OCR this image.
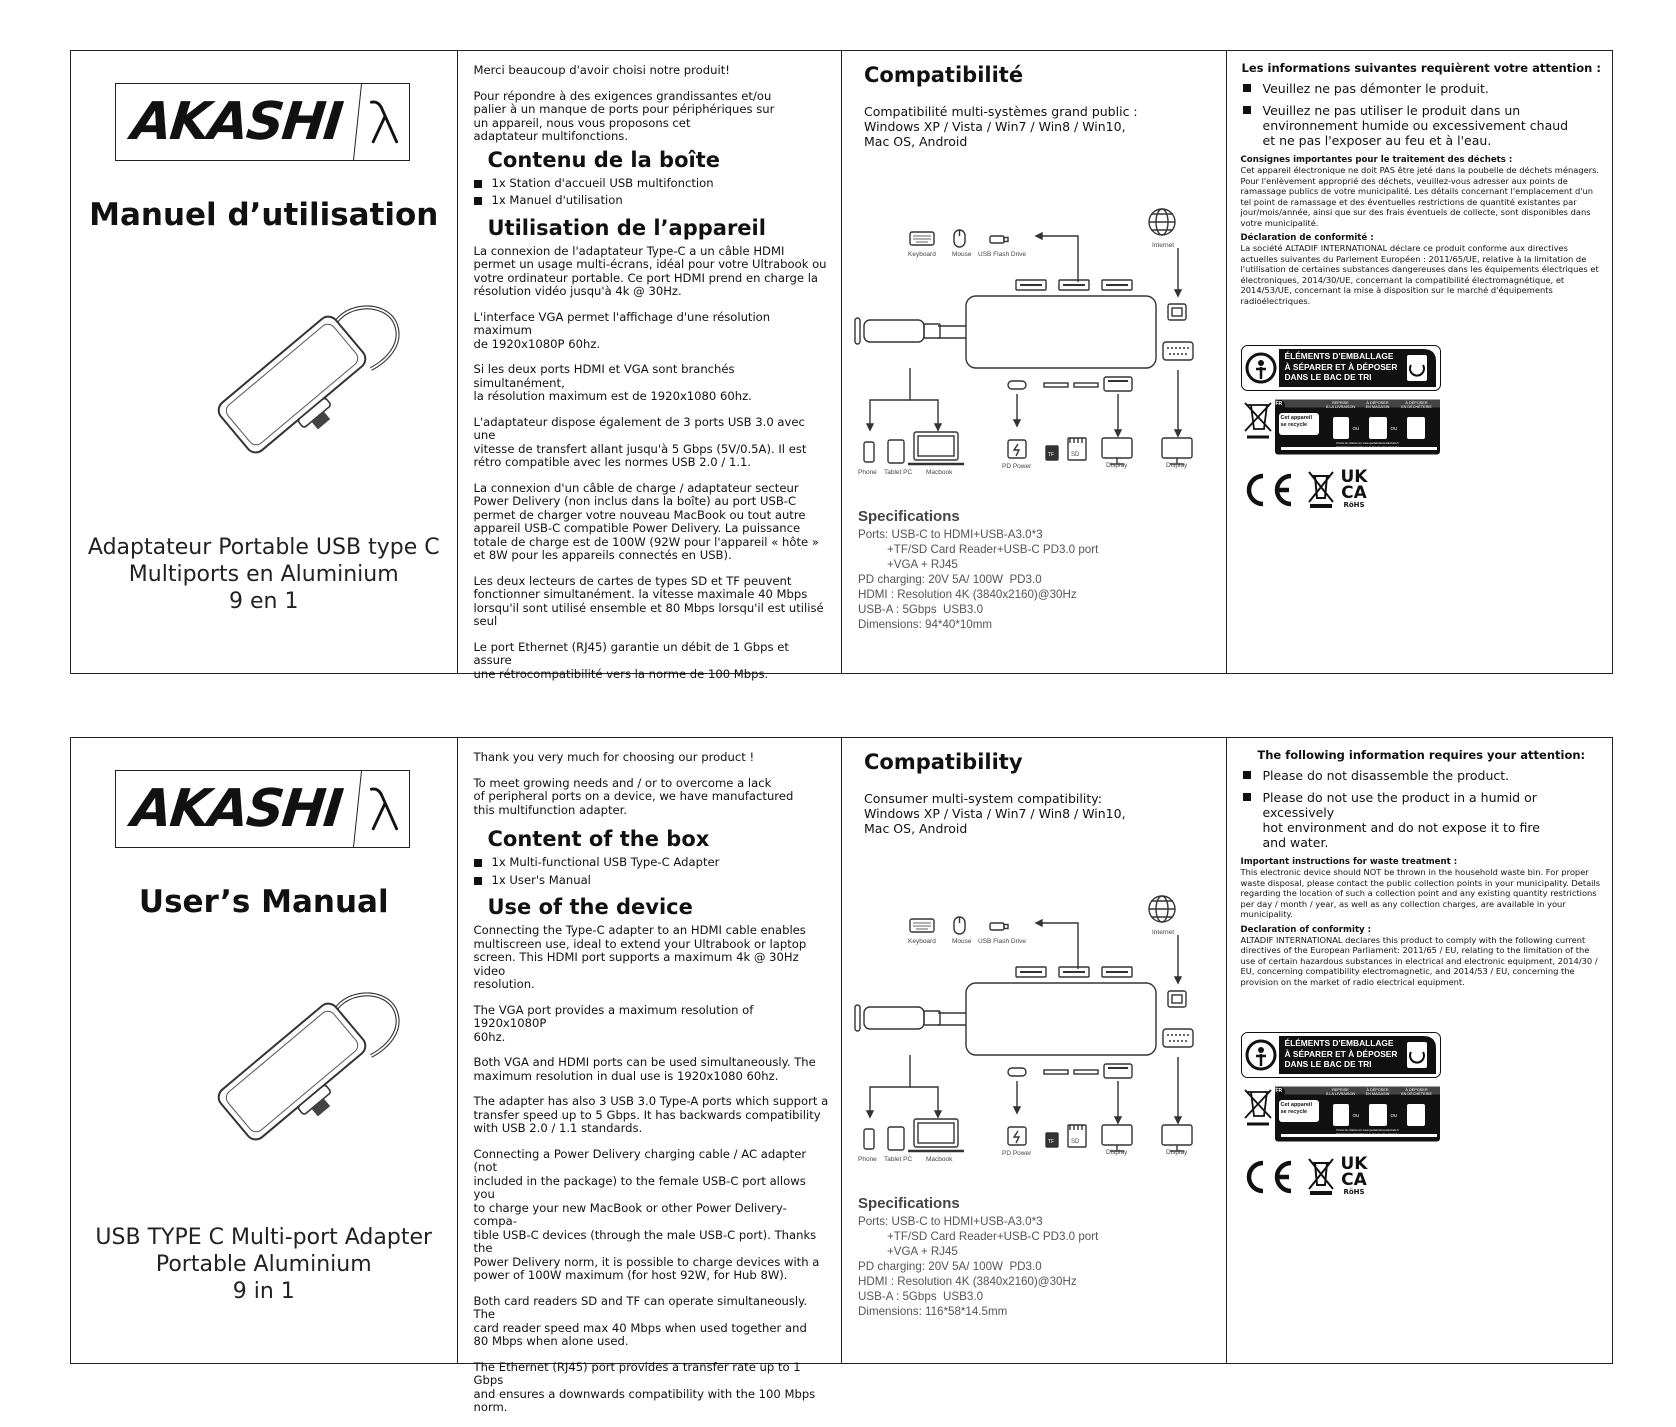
AKASHI
Manuel d’utilisation
Adaptateur Portable USB type C
Multiports en Aluminium
9 en 1

Merci beaucoup d'avoir choisi notre produit!

Pour répondre à des exigences grandissantes et/ou
palier à un manque de ports pour périphériques sur
un appareil, nous vous proposons cet
adaptateur multifonctions.

Contenu de la boîte
1x Station d'accueil USB multifonction
1x Manuel d'utilisation
Utilisation de l’appareil

La connexion de l'adaptateur Type-C a un câble HDMI
permet un usage multi-écrans, idéal pour votre Ultrabook ou
votre ordinateur portable. Ce port HDMI prend en charge la
résolution vidéo jusqu'à 4k @ 30Hz.

L'interface VGA permet l'affichage d'une résolution maximum
de 1920x1080P 60hz.

Si les deux ports HDMI et VGA sont branchés simultanément,
la résolution maximum est de 1920x1080 60hz.

L'adaptateur dispose également de 3 ports USB 3.0 avec une
vitesse de transfert allant jusqu'à 5 Gbps (5V/0.5A). Il est
rétro compatible avec les normes USB 2.0 / 1.1.

La connexion d'un câble de charge / adaptateur secteur
Power Delivery (non inclus dans la boîte) au port USB-C
permet de charger votre nouveau MacBook ou tout autre
appareil USB-C compatible Power Delivery. La puissance
totale de charge est de 100W (92W pour l'appareil « hôte »
et 8W pour les appareils connectés en USB).

Les deux lecteurs de cartes de types SD et TF peuvent
fonctionner simultanément. la vitesse maximale 40 Mbps
lorsqu'il sont utilisé ensemble et 80 Mbps lorsqu'il est utilisé
seul

Le port Ethernet (RJ45) garantie un débit de 1 Gbps et assure
une rétrocompatibilité vers la norme de 100 Mbps.

Compatibilité
Compatibilité multi-systèmes grand public :
Windows XP / Vista / Win7 / Win8 / Win10,
Mac OS, Android
Keyboard Mouse USB Flash Drive
Internet
Phone Tablet PC Macbook
PD Power
TF	SD
Display	Display
Specifications
Ports: USB-C to HDMI+USB-A3.0*3
+TF/SD Card Reader+USB-C PD3.0 port
+VGA + RJ45
PD charging: 20V 5A/ 100W  PD3.0
HDMI : Resolution 4K (3840x2160)@30Hz
USB-A : 5Gbps  USB3.0
Dimensions: 94*40*10mm
Les informations suivantes requièrent votre attention :
Veuillez ne pas démonter le produit.
Veuillez ne pas utiliser le produit dans un
environnement humide ou excessivement chaud
et ne pas l'exposer au feu et à l'eau.
Consignes importantes pour le traitement des déchets :
Cet appareil électronique ne doit PAS être jeté dans la poubelle de déchets ménagers. Pour l'enlèvement approprié des déchets, veuillez-vous adresser aux points de ramassage publics de votre municipalité. Les détails concernant l'emplacement d'un tel point de ramassage et des éventuelles restrictions de quantité existantes par jour/mois/année, ainsi que sur des frais éventuels de collecte, sont disponibles dans votre municipalité.
Déclaration de conformité :
La société ALTADIF INTERNATIONAL déclare ce produit conforme aux directives actuelles suivantes du Parlement Européen : 2011/65/UE, relative à la limitation de l'utilisation de certaines substances dangereuses dans les équipements électriques et électroniques, 2014/30/UE, concernant la compatibilité électromagnétique, et 2014/53/UE, concernant la mise à disposition sur le marché d'équipements radioélectriques.
ÉLÉMENTS D'EMBALLAGE
À SÉPARER ET À DÉPOSER
DANS LE BAC DE TRI
FR
Cet appareil
se recycle
REPRISE
À LA LIVRAISON
À DÉPOSER
EN MAGASIN
À DÉPOSER
EN DÉCHÈTERIE
OU	OU
Points de collecte sur www.quefairedemesdechets.fr
Privilégiez la réparation ou le don de votre appareil !
UK
CA
RöHS
AKASHI
User’s Manual
USB TYPE C Multi-port Adapter
Portable Aluminium
9 in 1

Thank you very much for choosing our product !

To meet growing needs and / or to overcome a lack
of peripheral ports on a device, we have manufactured
this multifunction adapter.

Content of the box
1x Multi-functional USB Type-C Adapter
1x User's Manual
Use of the device

Connecting the Type-C adapter to an HDMI cable enables
multiscreen use, ideal to extend your Ultrabook or laptop
screen. This HDMI port supports a maximum 4k @ 30Hz video
resolution.

The VGA port provides a maximum resolution of 1920x1080P
60hz.

Both VGA and HDMI ports can be used simultaneously. The
maximum resolution in dual use is 1920x1080 60hz.

The adapter has also 3 USB 3.0 Type-A ports which support a
transfer speed up to 5 Gbps. It has backwards compatibility
with USB 2.0 / 1.1 standards.

Connecting a Power Delivery charging cable / AC adapter (not
included in the package) to the female USB-C port allows you
to charge your new MacBook or other Power Delivery-compa-
tible USB-C devices (through the male USB-C port). Thanks the
Power Delivery norm, it is possible to charge devices with a
power of 100W maximum (for host 92W, for Hub 8W).

Both card readers SD and TF can operate simultaneously. The
card reader speed max 40 Mbps when used together and
80 Mbps when alone used.

The Ethernet (RJ45) port provides a transfer rate up to 1 Gbps
and ensures a downwards compatibility with the 100 Mbps
norm.

Compatibility
Consumer multi-system compatibility:
Windows XP / Vista / Win7 / Win8 / Win10,
Mac OS, Android
Keyboard Mouse USB Flash Drive
Internet
Phone Tablet PC Macbook
PD Power
TF	SD
Display	Display
Specifications
Ports: USB-C to HDMI+USB-A3.0*3
+TF/SD Card Reader+USB-C PD3.0 port
+VGA + RJ45
PD charging: 20V 5A/ 100W  PD3.0
HDMI : Resolution 4K (3840x2160)@30Hz
USB-A : 5Gbps  USB3.0
Dimensions: 116*58*14.5mm
The following information requires your attention:
Please do not disassemble the product.
Please do not use the product in a humid or excessively
hot environment and do not expose it to fire
and water.
Important instructions for waste treatment :
This electronic device should NOT be thrown in the household waste bin. For proper waste disposal, please contact the public collection points in your municipality. Details regarding the location of such a collection point and any existing quantity restrictions per day / month / year, as well as any collection charges, are available in your municipality.
Declaration of conformity :
ALTADIF INTERNATIONAL declares this product to comply with the following current directives of the European Parliament: 2011/65 / EU, relating to the limitation of the use of certain hazardous substances in electrical and electronic equipment, 2014/30 / EU, concerning compatibility electromagnetic, and 2014/53 / EU, concerning the provision on the market of radio electrical equipment.
ÉLÉMENTS D'EMBALLAGE
À SÉPARER ET À DÉPOSER
DANS LE BAC DE TRI
FR
Cet appareil
se recycle
REPRISE
À LA LIVRAISON
À DÉPOSER
EN MAGASIN
À DÉPOSER
EN DÉCHÈTERIE
OU	OU
Points de collecte sur www.quefairedemesdechets.fr
Privilégiez la réparation ou le don de votre appareil !
UK
CA
RöHS
